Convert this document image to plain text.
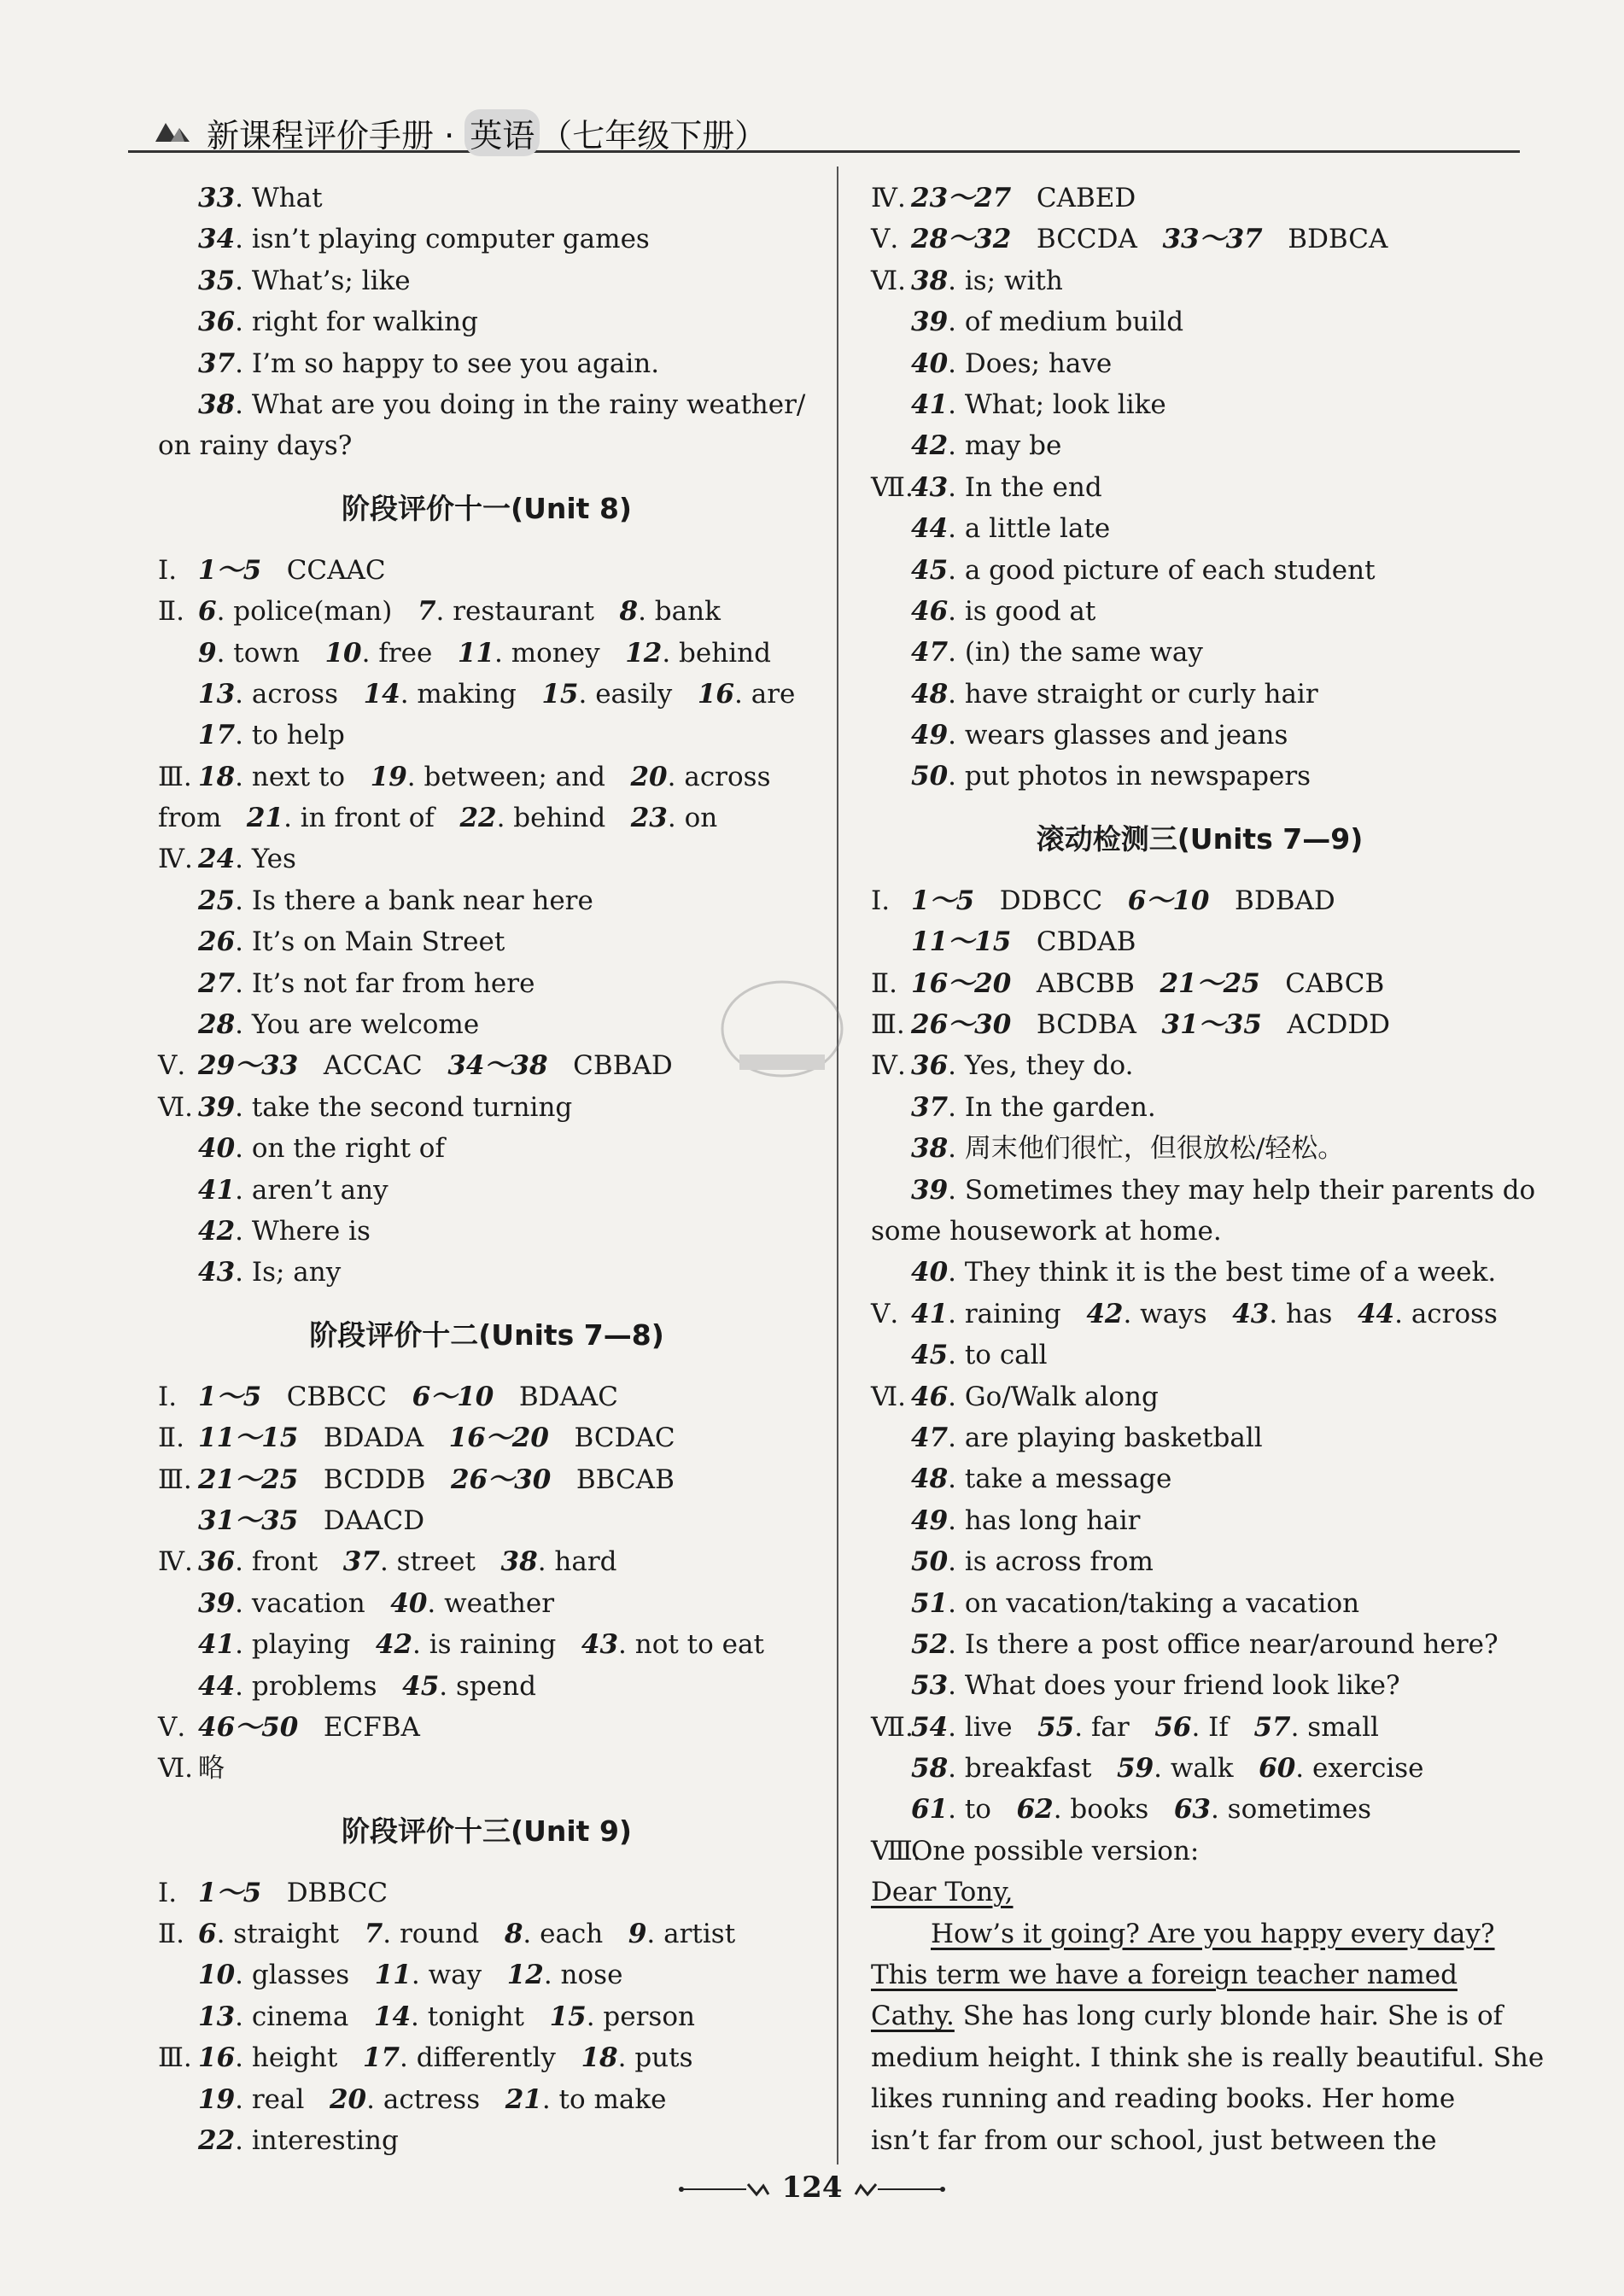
新课程评价手册 · 英语 （七年级下册）
33. What
34. isn’t playing computer games
35. What’s; like
36. right for walking
37. I’m so happy to see you again.
38. What are you doing in the rainy weather/
on rainy days?
阶段评价十一(Unit 8)
Ⅰ. 1～5   CCAAC
Ⅱ. 6. police(man)   7. restaurant   8. bank
9. town   10. free   11. money   12. behind
13. across   14. making   15. easily   16. are
17. to help
Ⅲ. 18. next to   19. between; and   20. across
from   21. in front of   22. behind   23. on
Ⅳ. 24. Yes
25. Is there a bank near here
26. It’s on Main Street
27. It’s not far from here
28. You are welcome
Ⅴ. 29～33   ACCAC   34～38   CBBAD
Ⅵ. 39. take the second turning
40. on the right of
41. aren’t any
42. Where is
43. Is; any
阶段评价十二(Units 7—8)
Ⅰ. 1～5   CBBCC   6～10   BDAAC
Ⅱ. 11～15   BDADA   16～20   BCDAC
Ⅲ. 21～25   BCDDB   26～30   BBCAB
31～35   DAACD
Ⅳ. 36. front   37. street   38. hard
39. vacation   40. weather
41. playing   42. is raining   43. not to eat
44. problems   45. spend
Ⅴ. 46～50   ECFBA
Ⅵ. 略
阶段评价十三(Unit 9)
Ⅰ. 1～5   DBBCC
Ⅱ. 6. straight   7. round   8. each   9. artist
10. glasses   11. way   12. nose
13. cinema   14. tonight   15. person
Ⅲ. 16. height   17. differently   18. puts
19. real   20. actress   21. to make
22. interesting
Ⅳ. 23～27   CABED
Ⅴ. 28～32   BCCDA   33～37   BDBCA
Ⅵ. 38. is; with
39. of medium build
40. Does; have
41. What; look like
42. may be
Ⅶ.43. In the end
44. a little late
45. a good picture of each student
46. is good at
47. (in) the same way
48. have straight or curly hair
49. wears glasses and jeans
50. put photos in newspapers
滚动检测三(Units 7—9)
Ⅰ. 1～5   DDBCC   6～10   BDBAD
11～15   CBDAB
Ⅱ. 16～20   ABCBB   21～25   CABCB
Ⅲ. 26～30   BCDBA   31～35   ACDDD
Ⅳ. 36. Yes, they do.
37. In the garden.
38. 周末他们很忙，但很放松/轻松。
39. Sometimes they may help their parents do
some housework at home.
40. They think it is the best time of a week.
Ⅴ. 41. raining   42. ways   43. has   44. across
45. to call
Ⅵ. 46. Go/Walk along
47. are playing basketball
48. take a message
49. has long hair
50. is across from
51. on vacation/taking a vacation
52. Is there a post office near/around here?
53. What does your friend look like?
Ⅶ.54. live   55. far   56. If   57. small
58. breakfast   59. walk   60. exercise
61. to   62. books   63. sometimes
Ⅷ.One possible version:
Dear Tony,
How’s it going? Are you happy every day?
This term we have a foreign teacher named
Cathy. She has long curly blonde hair. She is of
medium height. I think she is really beautiful. She
likes running and reading books. Her home
isn’t far from our school, just between the
124
